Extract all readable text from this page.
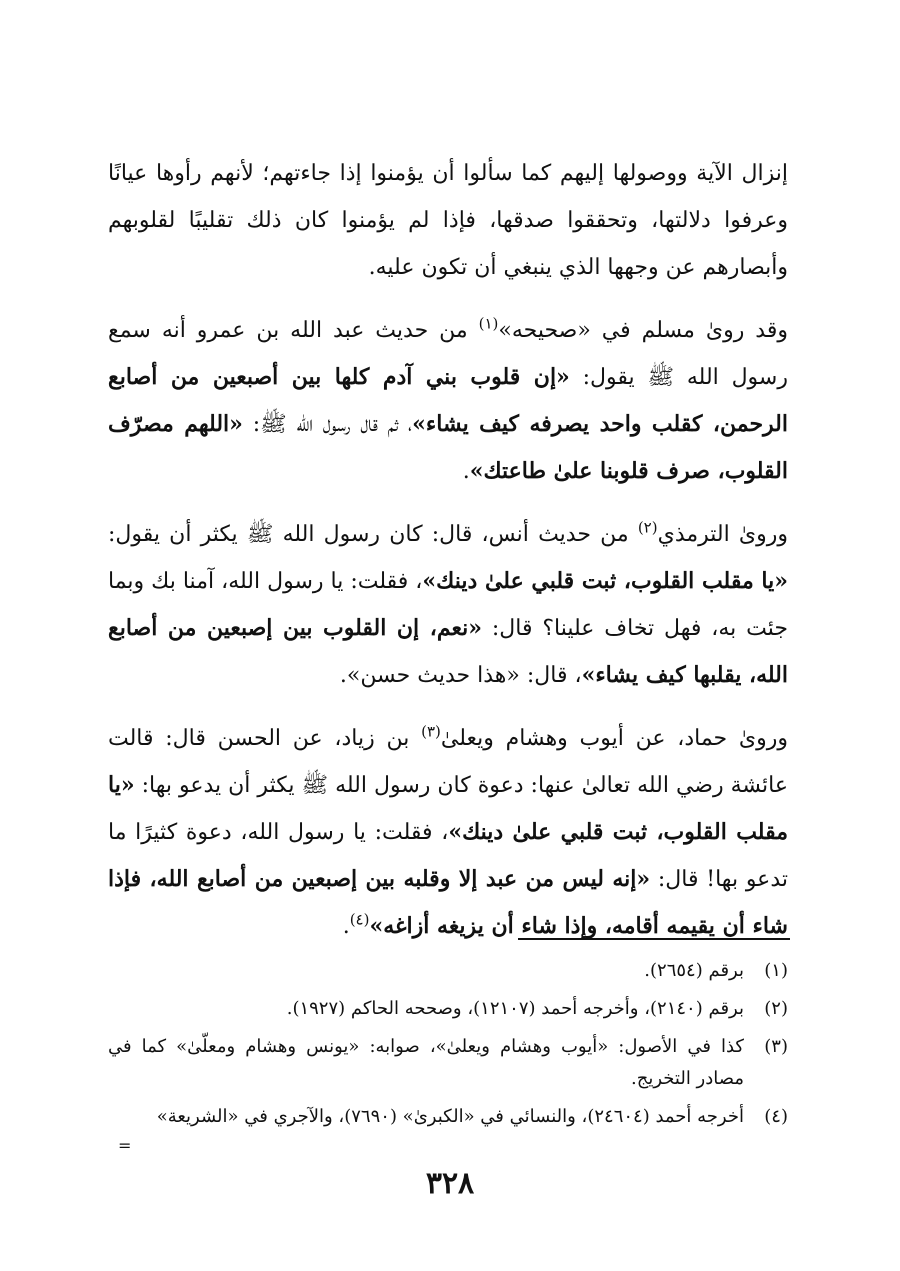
إنزال الآية ووصولها إليهم كما سألوا أن يؤمنوا إذا جاءتهم؛ لأنهم رأوها عيانًا وعرفوا دلالتها، وتحققوا صدقها، فإذا لم يؤمنوا كان ذلك تقليبًا لقلوبهم وأبصارهم عن وجهها الذي ينبغي أن تكون عليه.

وقد روىٰ مسلم في «صحيحه»$^{(١)}$ من حديث عبد الله بن عمرو أنه سمع رسول الله ﷺ يقول: «إن قلوب بني آدم كلها بين أصبعين من أصابع الرحمن، كقلب واحد يصرفه كيف يشاء»، ثم قال رسول الله ﷺ: «اللهم مصرّف القلوب، صرف قلوبنا علىٰ طاعتك».

وروىٰ الترمذي$^{(٢)}$ من حديث أنس، قال: كان رسول الله ﷺ يكثر أن يقول: «يا مقلب القلوب، ثبت قلبي علىٰ دينك»، فقلت: يا رسول الله، آمنا بك وبما جئت به، فهل تخاف علينا؟ قال: «نعم، إن القلوب بين إصبعين من أصابع الله، يقلبها كيف يشاء»، قال: «هذا حديث حسن».

وروىٰ حماد، عن أيوب وهشام ويعلىٰ$^{(٣)}$ بن زياد، عن الحسن قال: قالت عائشة رضي الله تعالىٰ عنها: دعوة كان رسول الله ﷺ يكثر أن يدعو بها: «يا مقلب القلوب، ثبت قلبي علىٰ دينك»، فقلت: يا رسول الله، دعوة كثيرًا ما تدعو بها! قال: «إنه ليس من عبد إلا وقلبه بين إصبعين من أصابع الله، فإذا شاء أن يقيمه أقامه، وإذا شاء أن يزيغه أزاغه»$^{(٤)}$.

(١)
برقم (٢٦٥٤).
(٢)
برقم (٢١٤٠)، وأخرجه أحمد (١٢١٠٧)، وصححه الحاكم (١٩٢٧).
(٣)
كذا في الأصول: «أيوب وهشام ويعلىٰ»، صوابه: «يونس وهشام ومعلّىٰ» كما في مصادر التخريج.
(٤)
أخرجه أحمد (٢٤٦٠٤)، والنسائي في «الكبرىٰ» (٧٦٩٠)، والآجري في «الشريعة»
=
٣٢٨
